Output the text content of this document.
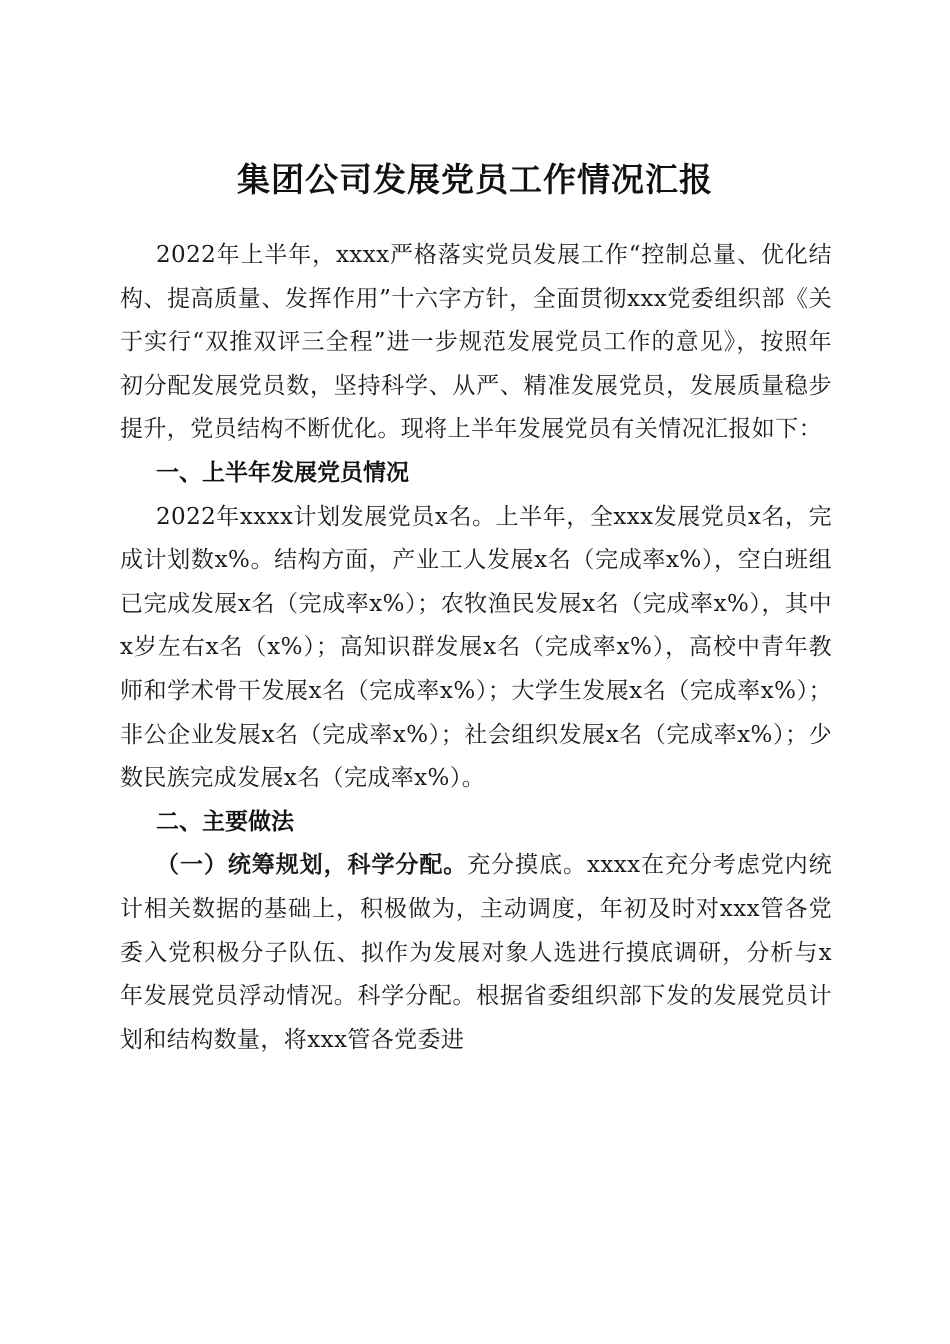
集团公司发展党员工作情况汇报

2022年上半年，xxxx严格落实党员发展工作“控制总量、优化结构、提高质量、发挥作用”十六字方针，全面贯彻xxx党委组织部《关于实行“双推双评三全程”进一步规范发展党员工作的意见》，按照年初分配发展党员数，坚持科学、从严、精准发展党员，发展质量稳步提升，党员结构不断优化。现将上半年发展党员有关情况汇报如下：

一、上半年发展党员情况

2022年xxxx计划发展党员x名。上半年，全xxx发展党员x名，完成计划数x%。结构方面，产业工人发展x名（完成率x%），空白班组已完成发展x名（完成率x%）；农牧渔民发展x名（完成率x%），其中x岁左右x名（x%）；高知识群发展x名（完成率x%），高校中青年教师和学术骨干发展x名（完成率x%）；大学生发展x名（完成率x%）；非公企业发展x名（完成率x%）；社会组织发展x名（完成率x%）；少数民族完成发展x名（完成率x%）。

二、主要做法

（一）统筹规划，科学分配。充分摸底。xxxx在充分考虑党内统计相关数据的基础上，积极做为，主动调度，年初及时对xxx管各党委入党积极分子队伍、拟作为发展对象人选进行摸底调研，分析与x年发展党员浮动情况。科学分配。根据省委组织部下发的发展党员计划和结构数量，将xxx管各党委进
